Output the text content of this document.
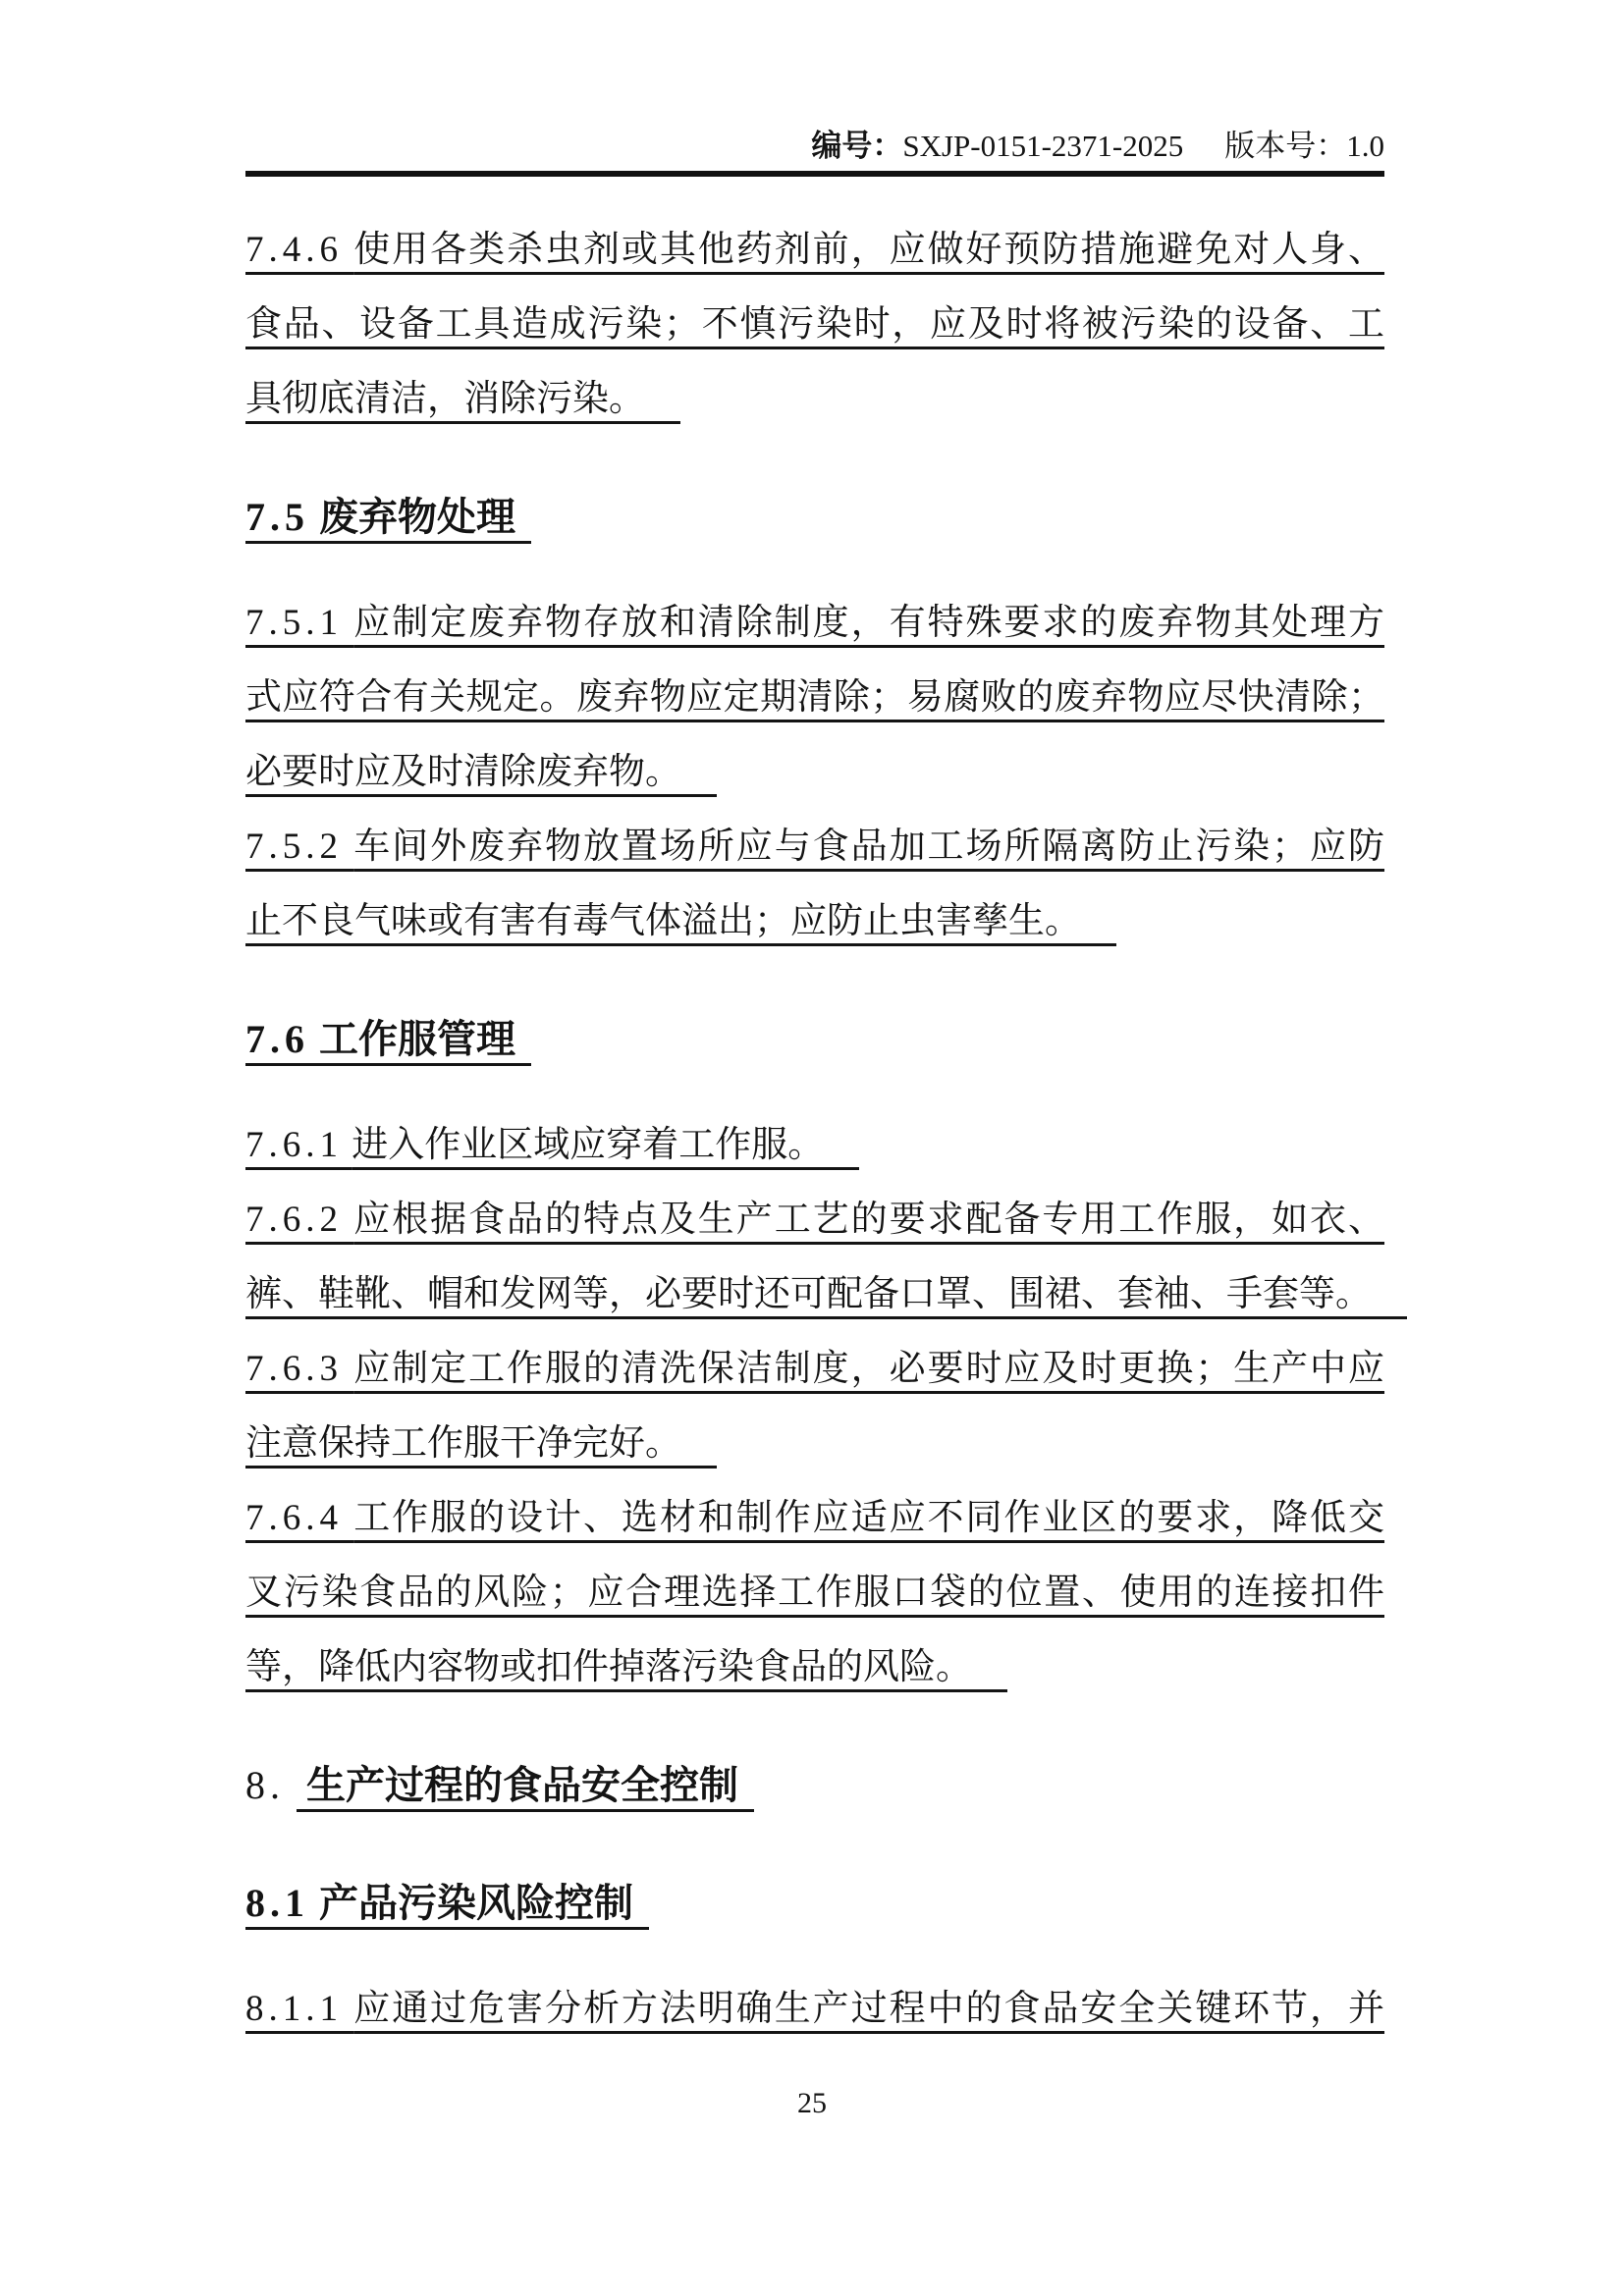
编号： SXJP-0151-2371-2025 版本号： 1.0
7.4.6 使用各类杀虫剂或其他药剂前，应做好预防措施避免对人身、
食品、设备工具造成污染；不慎污染时，应及时将被污染的设备、工
具彻底清洁，消除污染。
7.5 废弃物处理
7.5.1 应制定废弃物存放和清除制度，有特殊要求的废弃物其处理方
式应符合有关规定。废弃物应定期清除；易腐败的废弃物应尽快清除；
必要时应及时清除废弃物。
7.5.2 车间外废弃物放置场所应与食品加工场所隔离防止污染；应防
止不良气味或有害有毒气体溢出；应防止虫害孳生。
7.6 工作服管理
7.6.1 进入作业区域应穿着工作服。
7.6.2 应根据食品的特点及生产工艺的要求配备专用工作服，如衣、
裤、鞋靴、帽和发网等，必要时还可配备口罩、围裙、套袖、手套等。
7.6.3 应制定工作服的清洗保洁制度，必要时应及时更换；生产中应
注意保持工作服干净完好。
7.6.4 工作服的设计、选材和制作应适应不同作业区的要求，降低交
叉污染食品的风险；应合理选择工作服口袋的位置、使用的连接扣件
等，降低内容物或扣件掉落污染食品的风险。
8. 生产过程的食品安全控制
8.1 产品污染风险控制
8.1.1 应通过危害分析方法明确生产过程中的食品安全关键环节，并
25
